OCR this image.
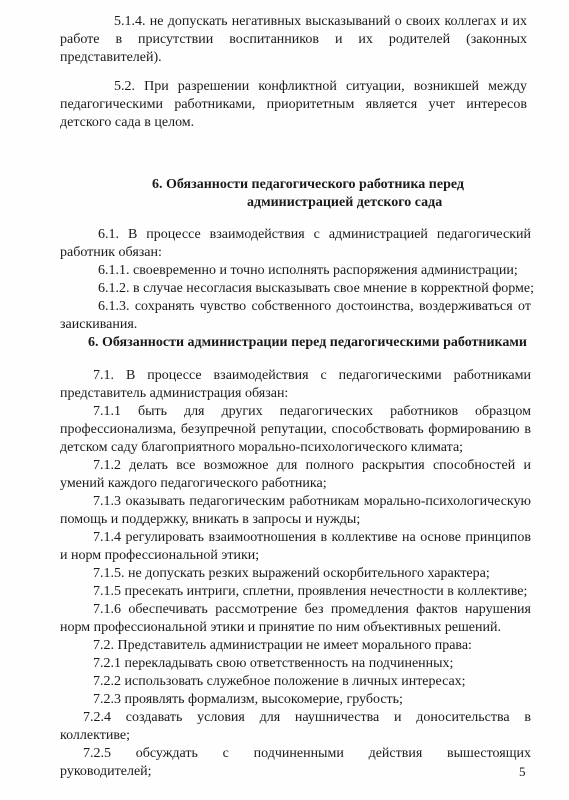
5.1.4. не допускать негативных высказываний о своих коллегах и их
работе в присутствии воспитанников и их родителей (законных
представителей).
5.2. При разрешении конфликтной ситуации, возникшей между
педагогическими работниками, приоритетным является учет интересов
детского сада в целом.
6. Обязанности педагогического работника перед
администрацией детского сада
6.1. В процессе взаимодействия с администрацией педагогический
работник обязан:
6.1.1. своевременно и точно исполнять распоряжения администрации;
6.1.2. в случае несогласия высказывать свое мнение в корректной форме;
6.1.3. сохранять чувство собственного достоинства, воздерживаться от
заискивания.
6. Обязанности администрации перед педагогическими работниками
7.1. В процессе взаимодействия с педагогическими работниками
представитель администрация обязан:
7.1.1 быть для других педагогических работников образцом
профессионализма, безупречной репутации, способствовать формированию в
детском саду благоприятного морально-психологического климата;
7.1.2 делать все возможное для полного раскрытия способностей и
умений каждого педагогического работника;
7.1.3 оказывать педагогическим работникам морально-психологическую
помощь и поддержку, вникать в запросы и нужды;
7.1.4 регулировать взаимоотношения в коллективе на основе принципов
и норм профессиональной этики;
7.1.5. не допускать резких выражений оскорбительного характера;
7.1.5 пресекать интриги, сплетни, проявления нечестности в коллективе;
7.1.6 обеспечивать рассмотрение без промедления фактов нарушения
норм профессиональной этики и принятие по ним объективных решений.
7.2. Представитель администрации не имеет морального права:
7.2.1 перекладывать свою ответственность на подчиненных;
7.2.2 использовать служебное положение в личных интересах;
7.2.3 проявлять формализм, высокомерие, грубость;
7.2.4 создавать условия для наушничества и доносительства в
коллективе;
7.2.5 обсуждать с подчиненными действия вышестоящих
руководителей;	5
